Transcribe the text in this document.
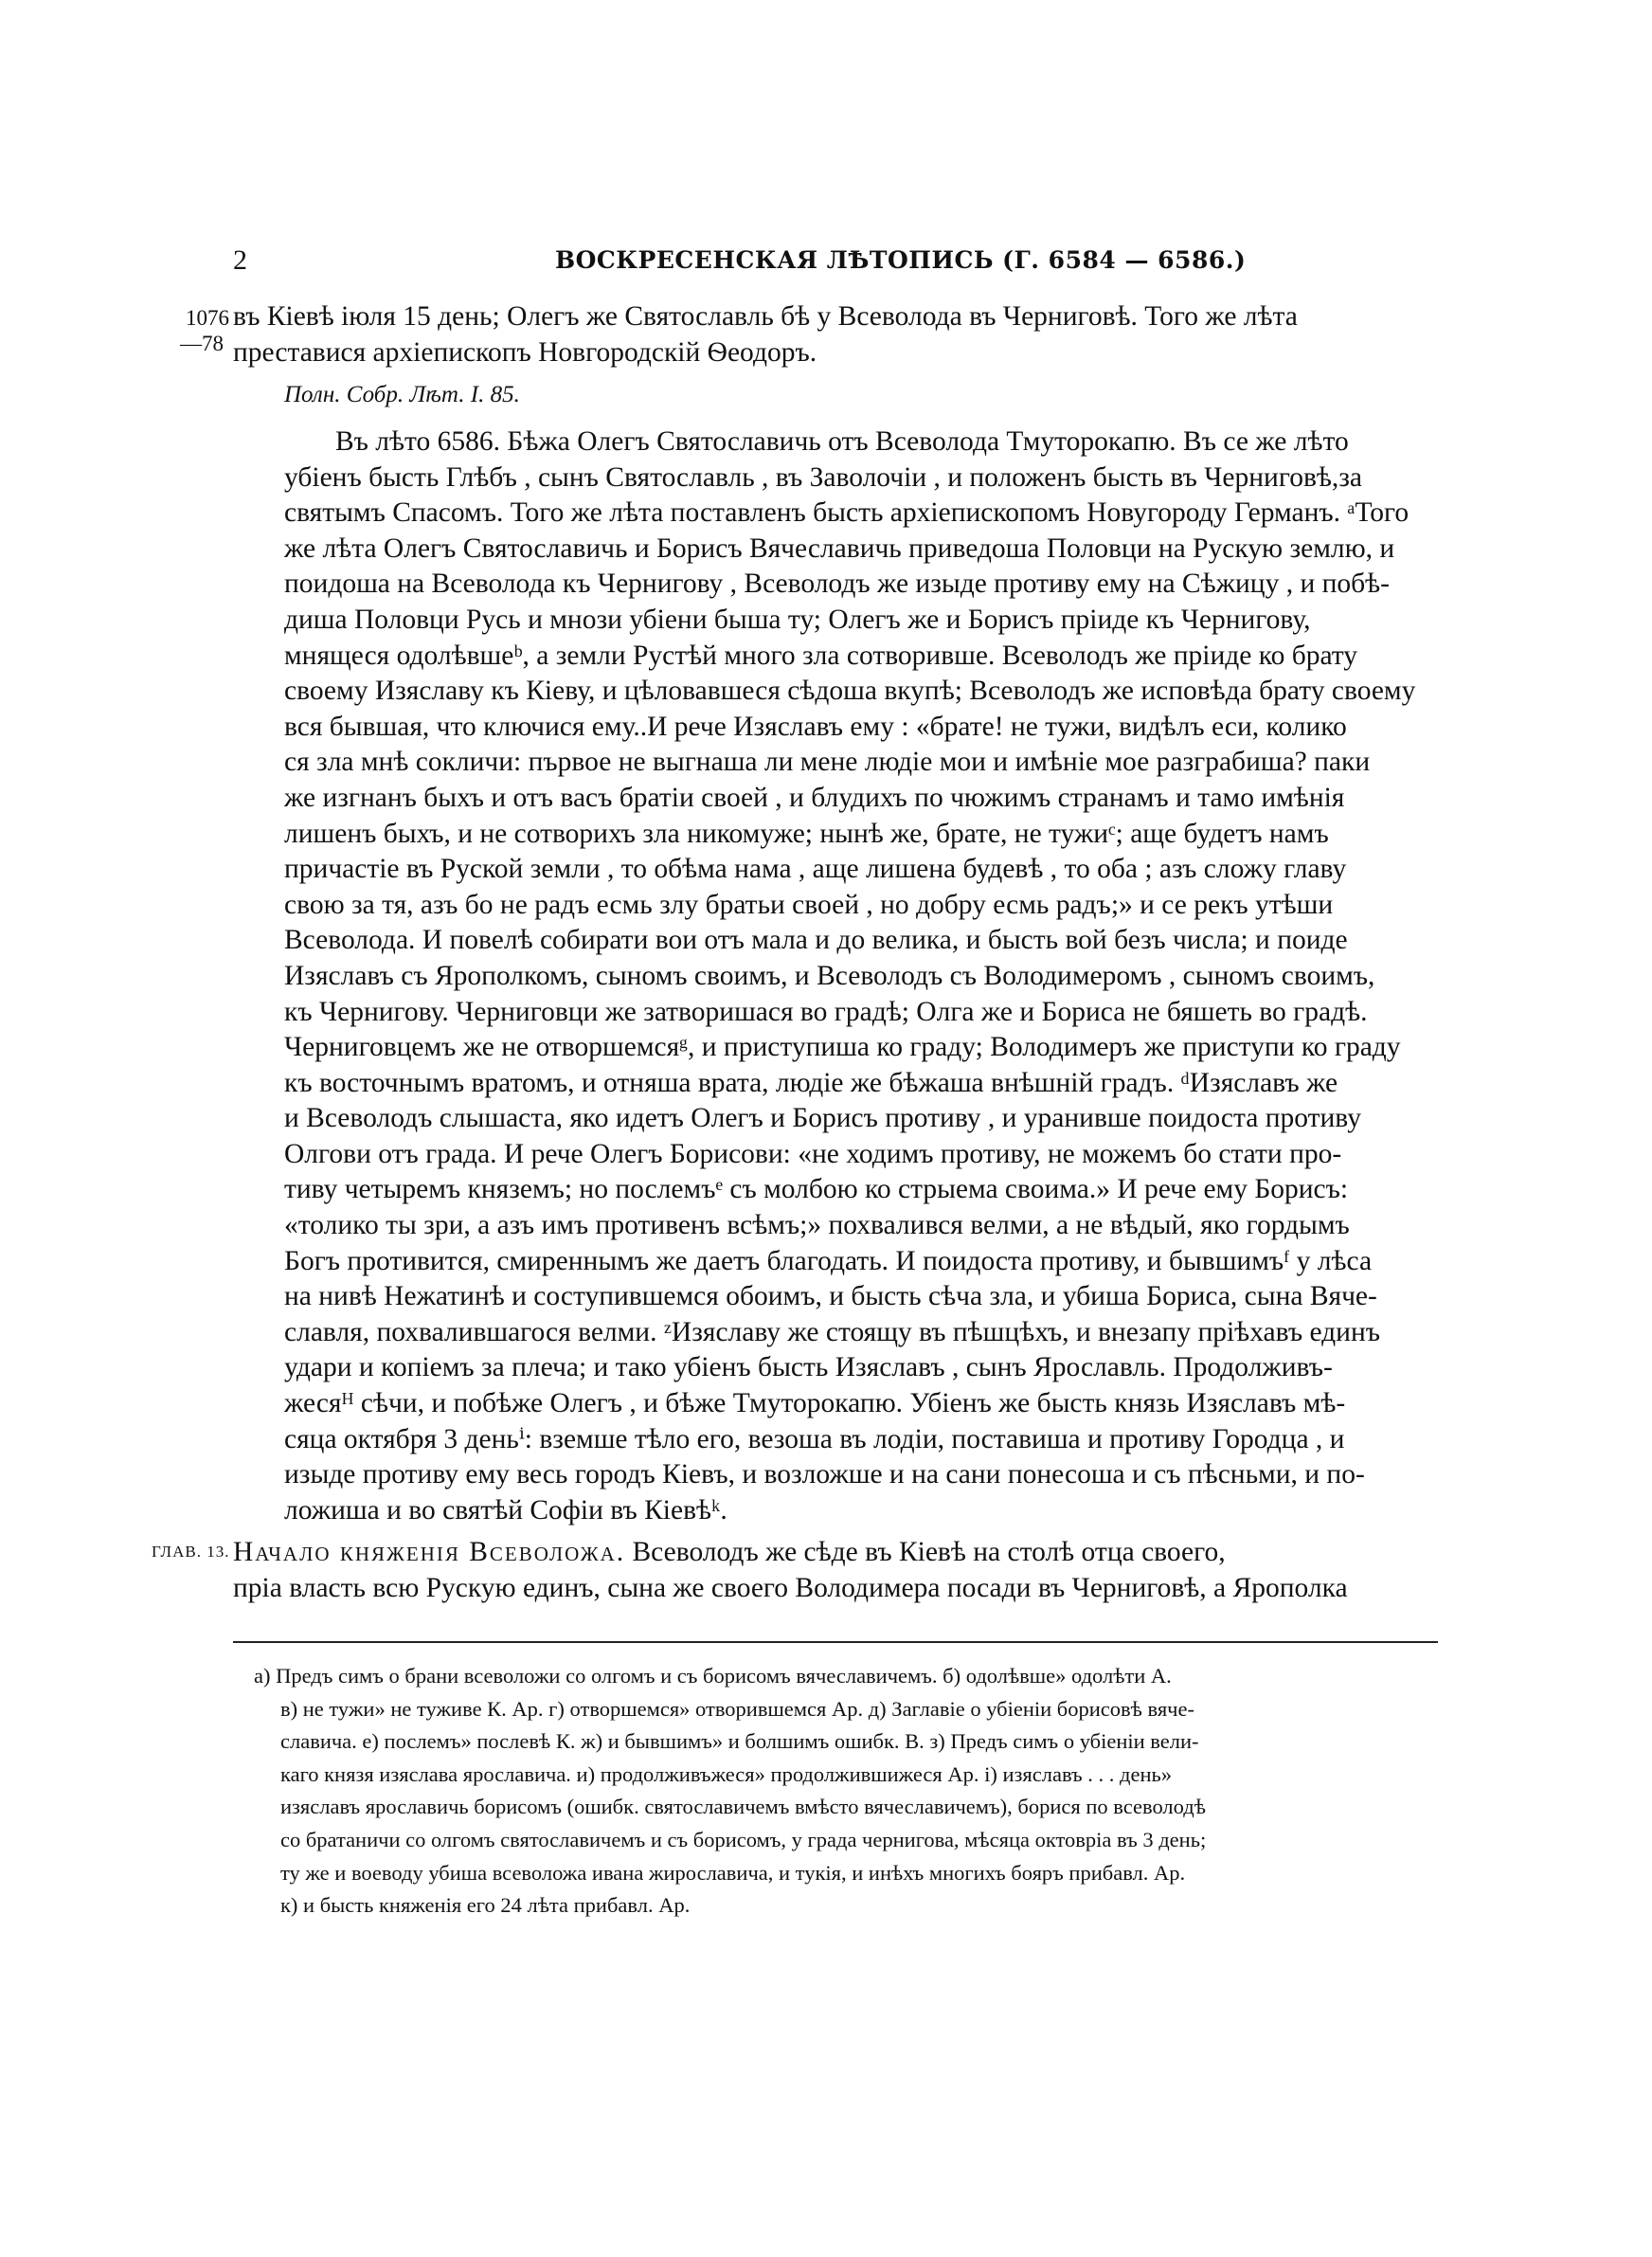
2	ВОСКРЕСЕНСКАЯ ЛѢТОПИСЬ (Г. 6584 — 6586.)
1076
—78
въ Кіевѣ іюля 15 день; Олегъ же Святославль бѣ у Всеволода въ Черниговѣ. Того же лѣта
преставися архіепископъ Новгородскій Ѳеодоръ.
Полн. Собр. Лѣт. I. 85.
Въ лѣто 6586. Бѣжа Олегъ Святославичь отъ Всеволода Тмуторокапю. Въ се же лѣто
убіенъ бысть Глѣбъ , сынъ Святославль , въ Заволочіи , и положенъ бысть въ Черниговѣ,за
святымъ Спасомъ. Того же лѣта поставленъ бысть архіепископомъ Новугороду Германъ. ᵃТого
же лѣта Олегъ Святославичь и Борисъ Вячеславичь приведоша Половци на Рускую землю, и
поидоша на Всеволода къ Чернигову , Всеволодъ же изыде противу ему на Сѣжицу , и побѣ-
диша Половци Русь и мнози убіени быша ту; Олегъ же и Борисъ пріиде къ Чернигову,
мнящеся одолѣвшеᵇ, а земли Рустѣй много зла сотворивше. Всеволодъ же пріиде ко брату
своему Изяславу къ Кіеву, и цѣловавшеся сѣдоша вкупѣ; Всеволодъ же исповѣда брату своему
вся бывшая, что ключися ему..И рече Изяславъ ему : «брате! не тужи, видѣлъ еси, колико
ся зла мнѣ сокличи: първое не выгнаша ли мене людіе мои и имѣніе мое разграбиша? паки
же изгнанъ быхъ и отъ васъ братіи своей , и блудихъ по чюжимъ странамъ и тамо имѣнія
лишенъ быхъ, и не сотворихъ зла никомуже; нынѣ же, брате, не тужиᶜ; аще будетъ намъ
причастіе въ Руской земли , то обѣма нама , аще лишена будевѣ , то оба ; азъ сложу главу
свою за тя, азъ бо не радъ есмь злу братьи своей , но добру есмь радъ;» и се рекъ утѣши
Всеволода. И повелѣ собирати вои отъ мала и до велика, и бысть вой безъ числа; и поиде
Изяславъ съ Ярополкомъ, сыномъ своимъ, и Всеволодъ съ Володимеромъ , сыномъ своимъ,
къ Чернигову. Черниговци же затворишася во градѣ; Олга же и Бориса не бяшеть во градѣ.
Черниговцемъ же не отворшемсяᵍ, и приступиша ко граду; Володимеръ же приступи ко граду
къ восточнымъ вратомъ, и отняша врата, людіе же бѣжаша внѣшній градъ. ᵈИзяславъ же
и Всеволодъ слышаста, яко идетъ Олегъ и Борисъ противу , и уранивше поидоста противу
Олгови отъ града. И рече Олегъ Борисови: «не ходимъ противу, не можемъ бо стати про-
тиву четыремъ княземъ; но послемъᵉ съ молбою ко стрыема своима.» И рече ему Борисъ:
«толико ты зри, а азъ имъ противенъ всѣмъ;» похвалився велми, а не вѣдый, яко гордымъ
Богъ противится, смиреннымъ же даетъ благодать. И поидоста противу, и бывшимъᶠ у лѣса
на нивѣ Нежатинѣ и соступившемся обоимъ, и бысть сѣча зла, и убиша Бориса, сына Вяче-
славля, похвалившагося велми. ᶻИзяславу же стоящу въ пѣшцѣхъ, и внезапу пріѣхавъ единъ
удари и копіемъ за плеча; и тако убіенъ бысть Изяславъ , сынъ Ярославль. Продолживъ-
жесяᴴ сѣчи, и побѣже Олегъ , и бѣже Тмуторокапю. Убіенъ же бысть князь Изяславъ мѣ-
сяца октября 3 деньⁱ: вземше тѣло его, везоша въ лодіи, поставиша и противу Городца , и
изыде противу ему весь городъ Кіевъ, и возложше и на сани понесоша и съ пѣсньми, и по-
ложиша и во святѣй Софіи въ Кіевѣᵏ.
ГЛАВ. 13. Начало княженія Всеволожа. Всеволодъ же сѣде въ Кіевѣ на столѣ отца своего,
пріа власть всю Рускую единъ, сына же своего Володимера посади въ Черниговѣ, а Ярополка
а) Предъ симъ о брани всеволожи со олгомъ и съ борисомъ вячеславичемъ. б) одолѣвше» одолѣти А.
в) не тужи» не туживе К. Ар. г) отворшемся» отворившемся Ар. д) Заглавіе о убіеніи борисовѣ вяче-
славича. е) послемъ» послевѣ К. ж) и бывшимъ» и болшимъ ошибк. В. з) Предъ симъ о убіеніи вели-
каго князя изяслава ярославича. и) продолживъжеся» продолжившижеся Ар. і) изяславъ . . . день»
изяславъ ярославичь борисомъ (ошибк. святославичемъ вмѣсто вячеславичемъ), борися по всеволодѣ
со братаничи со олгомъ святославичемъ и съ борисомъ, у града чернигова, мѣсяца октовріа въ 3 день;
ту же и воеводу убиша всеволожа ивана жирославича, и тукія, и инѣхъ многихъ бояръ прибавл. Ар.
к) и бысть княженія его 24 лѣта прибавл. Ар.
